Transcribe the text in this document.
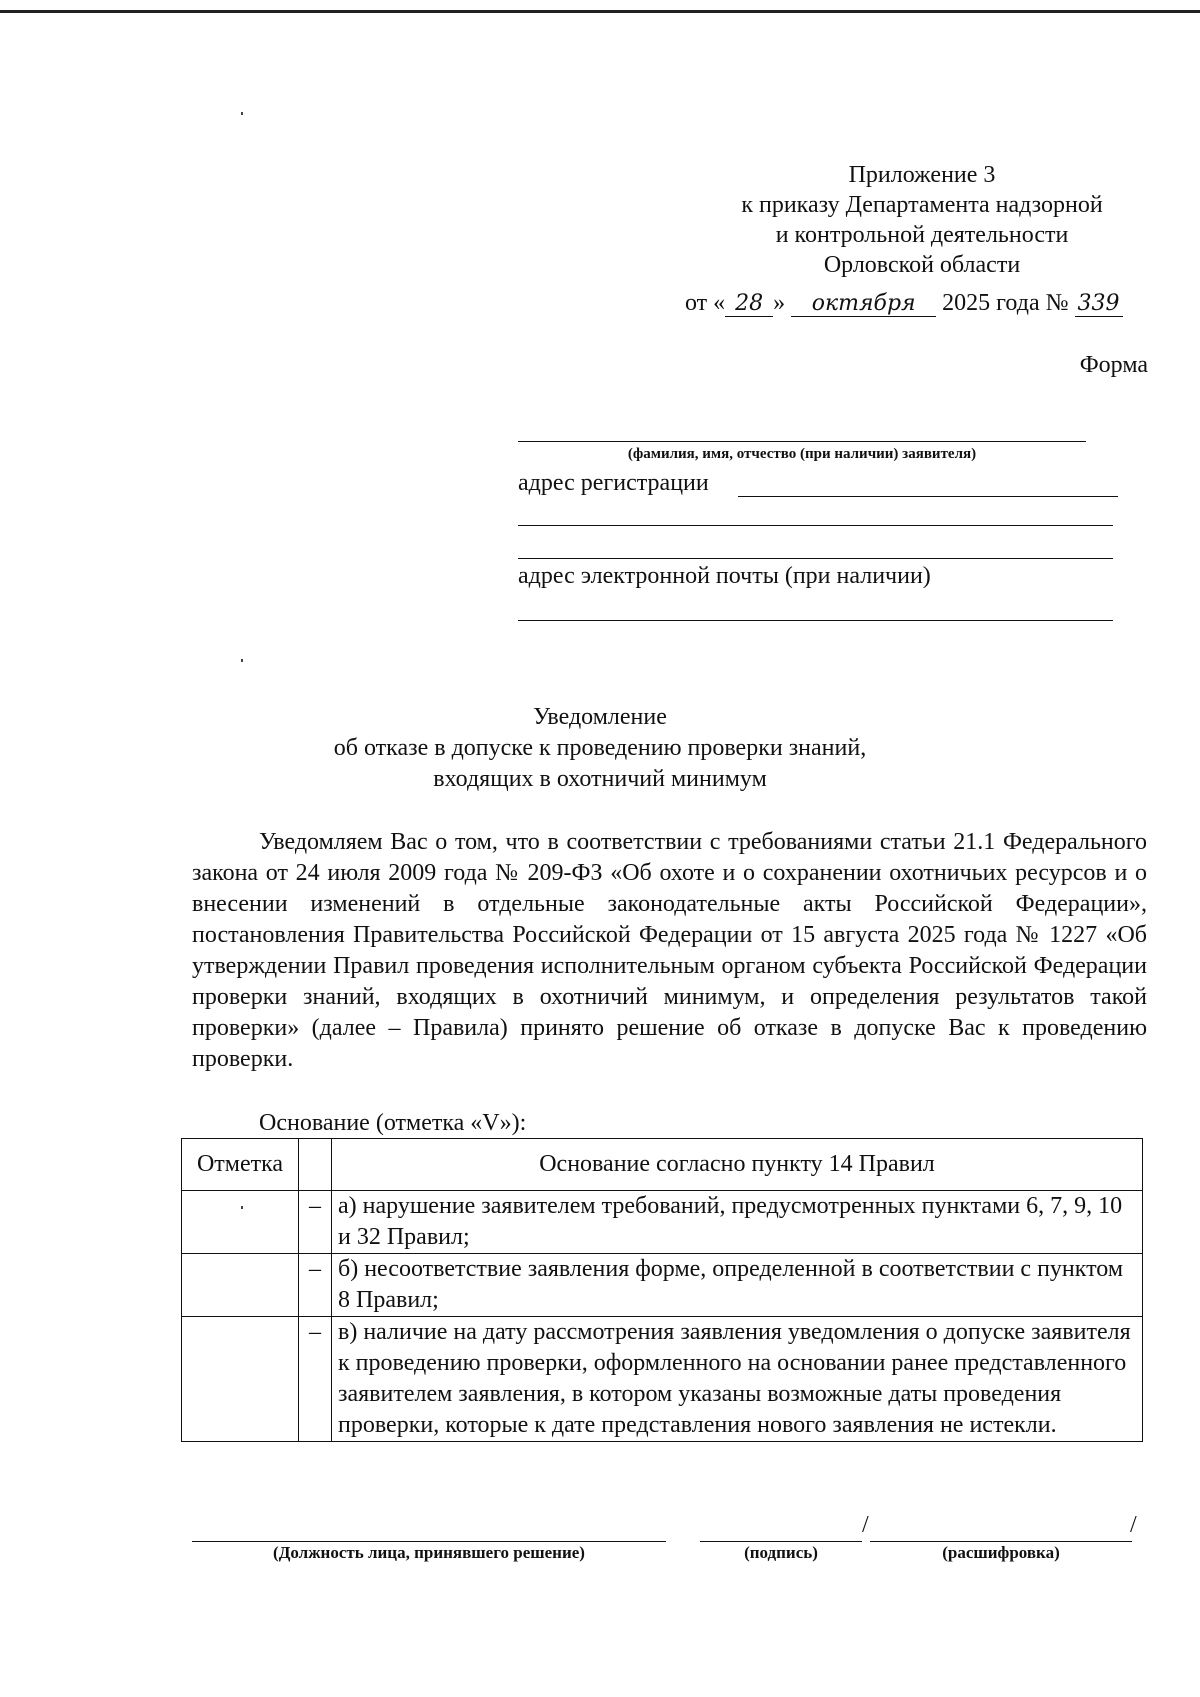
Приложение 3
к приказу Департамента надзорной
и контрольной деятельности
Орловской области
от « 28 » октября 2025 года № 339
Форма
(фамилия, имя, отчество (при наличии) заявителя)
адрес регистрации
адрес электронной почты (при наличии)
Уведомление
об отказе в допуске к проведению проверки знаний,
входящих в охотничий минимум

Уведомляем Вас о том, что в соответствии с требованиями статьи 21.1 Федерального закона от 24 июля 2009 года № 209-ФЗ «Об охоте и о сохранении охотничьих ресурсов и о внесении изменений в отдельные законодательные акты Российской Федерации», постановления Правительства Российской Федерации от 15 августа 2025 года № 1227 «Об утверждении Правил проведения исполнительным органом субъекта Российской Федерации проверки знаний, входящих в охотничий минимум, и определения результатов такой проверки» (далее – Правила) принято решение об отказе в допуске Вас к проведению проверки.

Основание (отметка «V»):
Отметка		Основание согласно пункту 14 Правил
	–	а) нарушение заявителем требований, предусмотренных пунктами 6, 7, 9, 10 и 32 Правил;
	–	б) несоответствие заявления форме, определенной в соответствии с пунктом 8 Правил;
	–	в) наличие на дату рассмотрения заявления уведомления о допуске заявителя к проведению проверки, оформленного на основании ранее представленного заявителем заявления, в котором указаны возможные даты проведения проверки, которые к дате представления нового заявления не истекли.
/	/
(Должность лица, принявшего решение)	(подпись)	(расшифровка)
